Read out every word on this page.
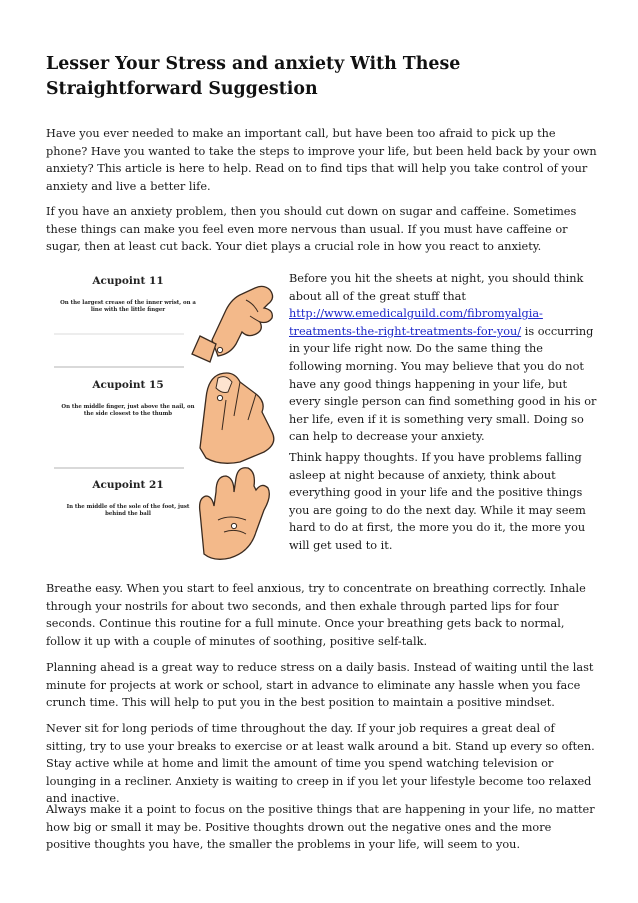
Lesser Your Stress and anxiety With These Straightforward Suggestion

Have you ever needed to make an important call, but have been too afraid to pick up the phone? Have you wanted to take the steps to improve your life, but been held back by your own anxiety? This article is here to help. Read on to find tips that will help you take control of your anxiety and live a better life.

If you have an anxiety problem, then you should cut down on sugar and caffeine. Sometimes these things can make you feel even more nervous than usual. If you must have caffeine or sugar, then at least cut back. Your diet plays a crucial role in how you react to anxiety.

Acupoint 11
On the largest crease of the inner wrist, on a
line with the little finger
Acupoint 15
On the middle finger, just above the nail, on
the side closest to the thumb
Acupoint 21
In the middle of the sole of the foot, just
behind the ball

Before you hit the sheets at night, you should think about all of the great stuff that http://www.emedicalguild.com/fibromyalgia-treatments-the-right-treatments-for-you/ is occurring in your life right now. Do the same thing the following morning. You may believe that you do not have any good things happening in your life, but every single person can find something good in his or her life, even if it is something very small. Doing so can help to decrease your anxiety.

Think happy thoughts. If you have problems falling asleep at night because of anxiety, think about everything good in your life and the positive things you are going to do the next day. While it may seem hard to do at first, the more you do it, the more you will get used to it.

Breathe easy. When you start to feel anxious, try to concentrate on breathing correctly. Inhale through your nostrils for about two seconds, and then exhale through parted lips for four seconds. Continue this routine for a full minute. Once your breathing gets back to normal, follow it up with a couple of minutes of soothing, positive self-talk.

Planning ahead is a great way to reduce stress on a daily basis. Instead of waiting until the last minute for projects at work or school, start in advance to eliminate any hassle when you face crunch time. This will help to put you in the best position to maintain a positive mindset.

Never sit for long periods of time throughout the day. If your job requires a great deal of sitting, try to use your breaks to exercise or at least walk around a bit. Stand up every so often. Stay active while at home and limit the amount of time you spend watching television or lounging in a recliner. Anxiety is waiting to creep in if you let your lifestyle become too relaxed and inactive.

Always make it a point to focus on the positive things that are happening in your life, no matter how big or small it may be. Positive thoughts drown out the negative ones and the more positive thoughts you have, the smaller the problems in your life, will seem to you.
